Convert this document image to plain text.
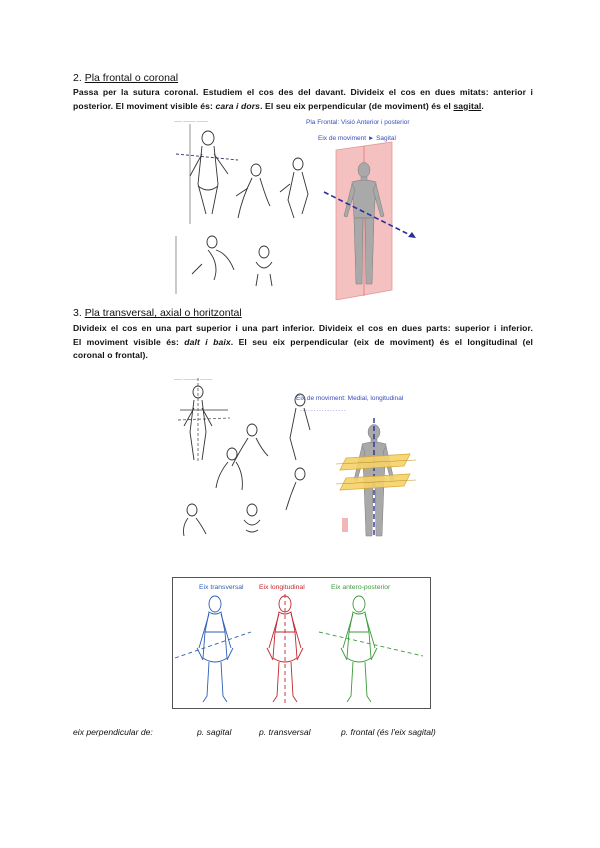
2. Pla frontal o coronal
Passa per la sutura coronal. Estudiem el cos des del davant. Divideix el cos en dues mitats: anterior i
posterior. El moviment visible és: cara i dors. El seu eix perpendicular (de moviment) és el sagital.
—— ——— ———	Pla Frontal: Visió Anterior i posterior
Eix de moviment ► Sagital
3. Pla transversal, axial o horitzontal
Divideix el cos en una part superior i una part inferior. Divideix el cos en dues parts: superior i inferior.
El moviment visible és: dalt i baix. El seu eix perpendicular (eix de moviment) és el longitudinal (el
coronal o frontal).
—— ———— ———
Eix de moviment: Medial, longitudinal
- - - - - - - - - - - - - - - - -
Eix transversal Eix longitudinal	Eix antero-posterior
eix perpendicular de:	p. sagital	p. transversal	p. frontal (és l'eix sagital)
